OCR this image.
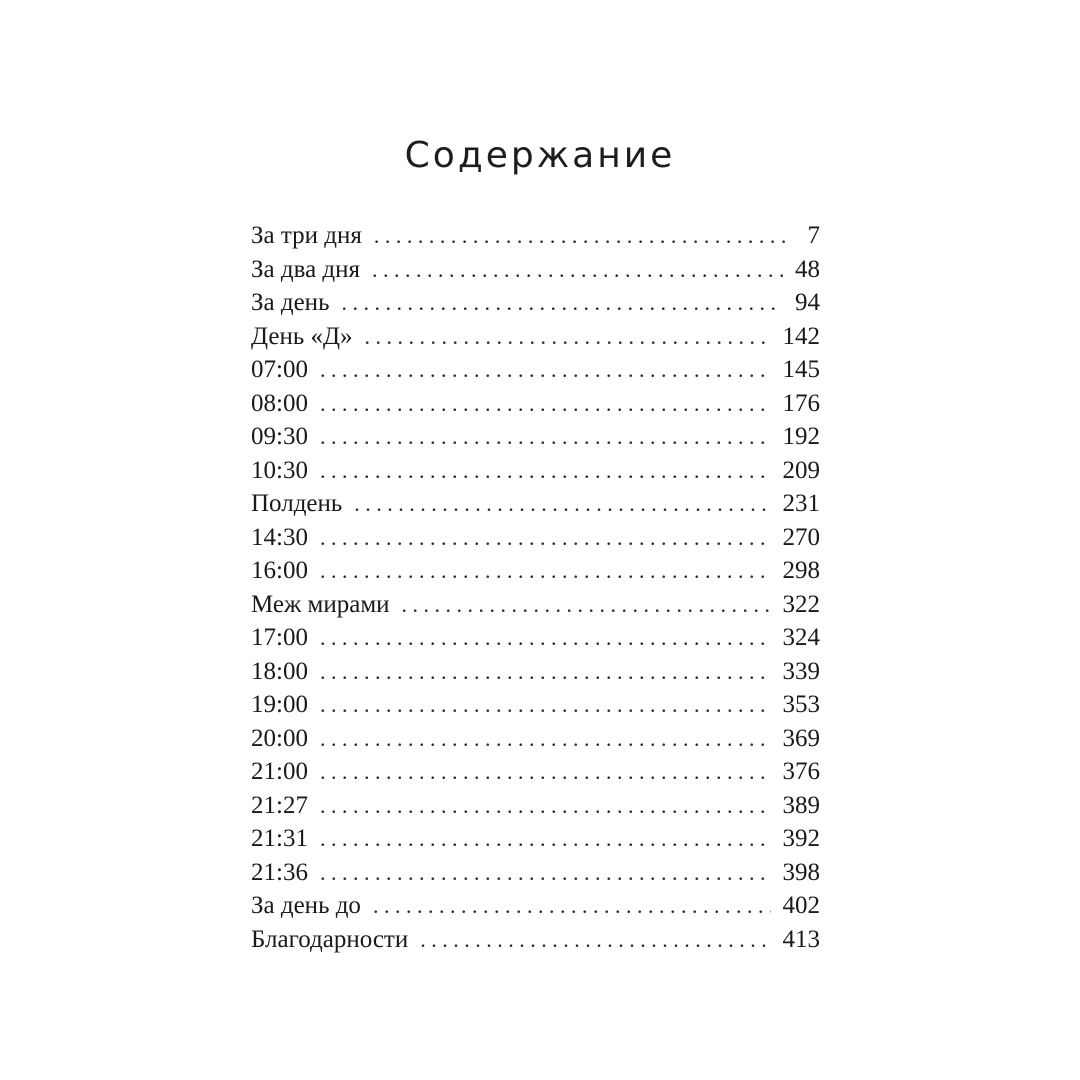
Содержание
За три дня . . .	7
За два дня . . .	48
За день . . .	94
День «Д» . . .	142
07:00 . . .	145
08:00 . . .	176
09:30 . . .	192
10:30 . . .	209
Полдень . . .	231
14:30 . . .	270
16:00 . . .	298
Меж мирами . . .	322
17:00 . . .	324
18:00 . . .	339
19:00 . . .	353
20:00 . . .	369
21:00 . . .	376
21:27 . . .	389
21:31 . . .	392
21:36 . . .	398
За день до . . .	402
Благодарности . . .	413
